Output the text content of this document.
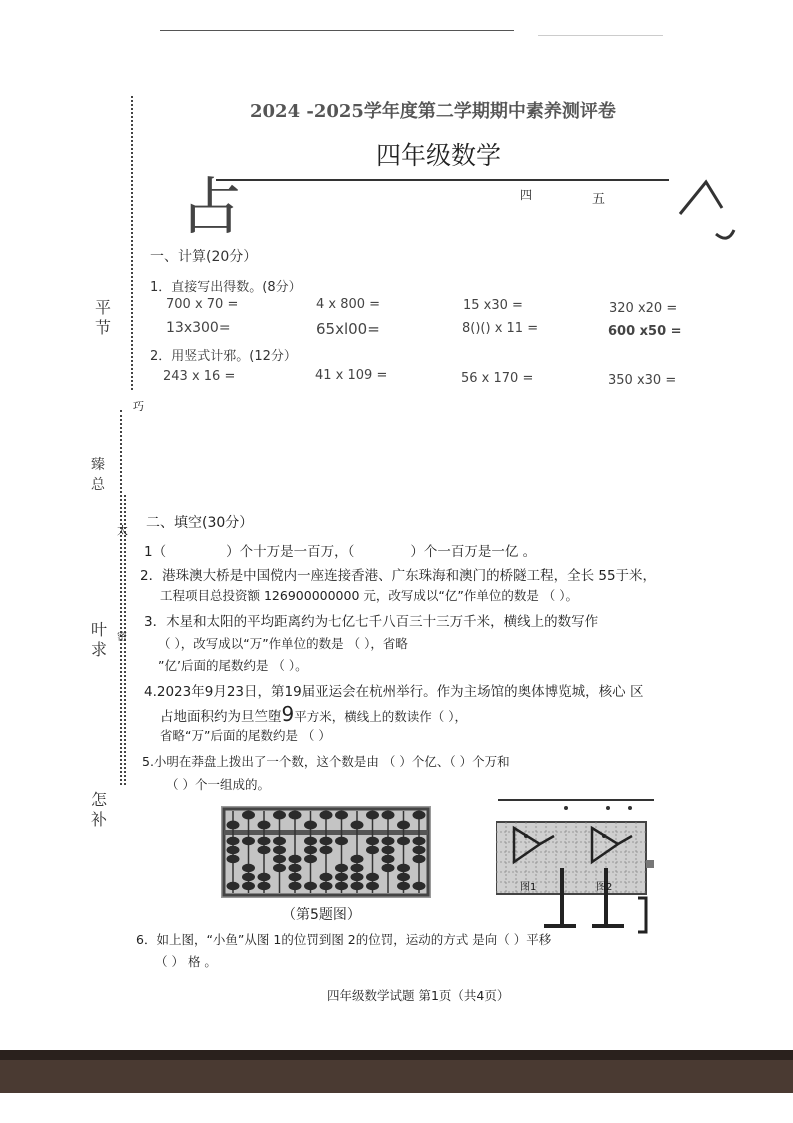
平
节
臻
总
叶
求
怎
补
巧
太
密
2024 -2025学年度第二学期期中素养测评卷
四年级数学
四	五
占
一、计算(20分）
1．直接写出得数。(8分）
700 x 70 =	4 x 800 =	15 x30 =	320 x20 =
13x300=	65xl00=	8()() x 11 =	600 x50 =
2．用竖式计邪。(12分）
243 x 16 =	41 x 109 =	56 x 170 =	350 x30 =
二、填空(30分）
1（	）个十万是一百万，（	）个一百万是一亿 。
2．港珠澳大桥是中国傥内一座连接香港、广东珠海和澳门的桥隧工程，全长 55于米，
工程项目总投资额 126900000000 元，改写成以“亿”作单位的数是 （ ）。
3．木星和太阳的平均距离约为七亿七千八百三十三万千米，横线上的数写作
（ ），改写成以“万”作单位的数是 （ ），省略
”亿’后面的尾数约是 （ ）。
4.2023年9月23日，第19届亚运会在杭州举行。作为主场馆的奥体博览城，核心 区
占地面积约为旦竺堕9平方米，横线上的数读作（ ），
省略“万”后面的尾数约是 （ ）
5.小明在莽盘上拨出了一个数，这个数是由 （ ）个亿、（ ）个万和
（ ）个一组成的。
（第5题图）
图1	图2
6．如上图，“小鱼”从图 1的位罚到图 2的位罚，运动的方式 是向（ ）平移
（ ） 格 。
四年级数学试题 第1页（共4页）
